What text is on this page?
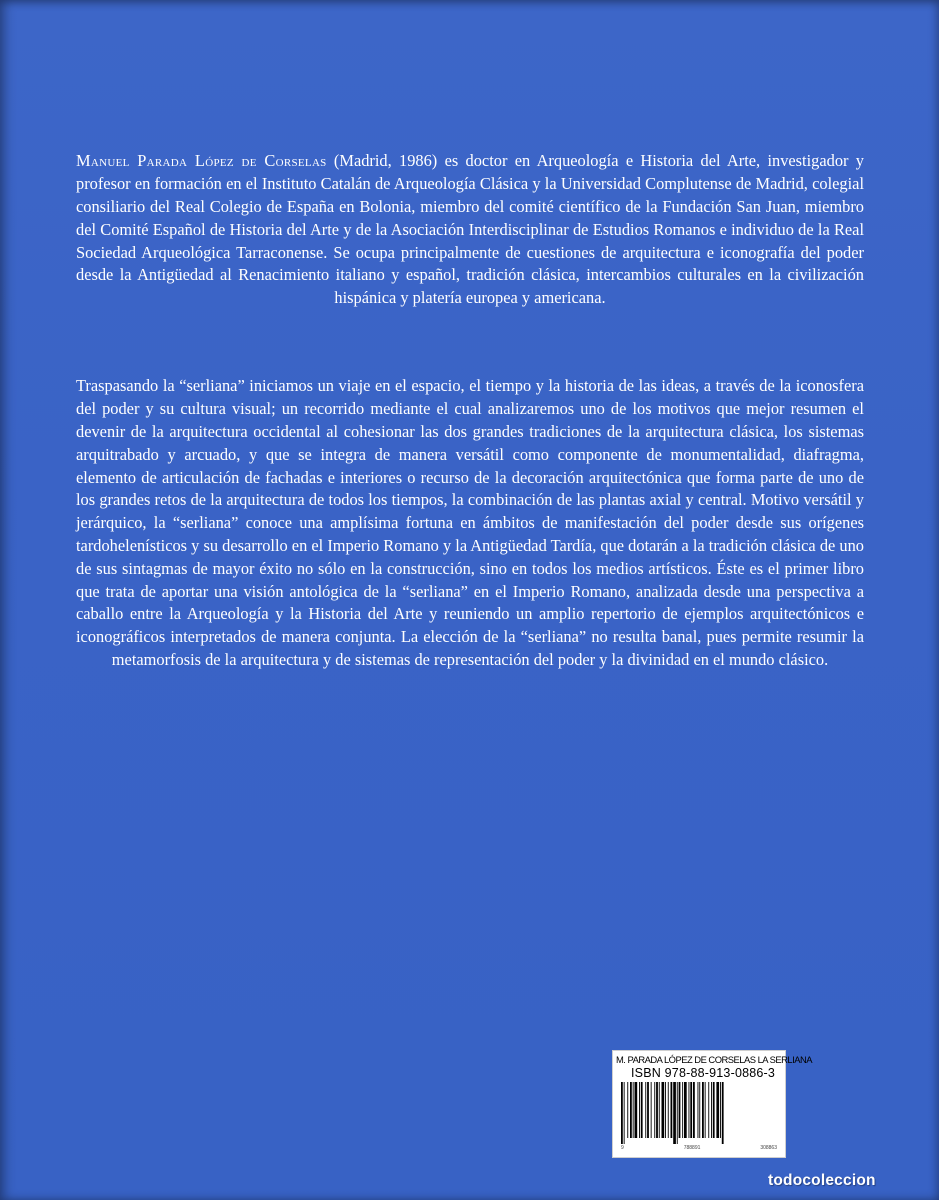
Manuel Parada López de Corselas (Madrid, 1986) es doctor en Arqueología e Historia del Arte, investigador y profesor en formación en el Instituto Catalán de Arqueología Clásica y la Universidad Complutense de Madrid, colegial consiliario del Real Colegio de España en Bolonia, miembro del comité científico de la Fundación San Juan, miembro del Comité Español de Historia del Arte y de la Asociación Interdisciplinar de Estudios Romanos e individuo de la Real Sociedad Arqueológica Tarraconense. Se ocupa principalmente de cuestiones de arquitectura e iconografía del poder desde la Antigüedad al Renacimiento italiano y español, tradición clásica, intercambios culturales en la civilización hispánica y platería europea y americana.

Traspasando la “serliana” iniciamos un viaje en el espacio, el tiempo y la historia de las ideas, a través de la iconosfera del poder y su cultura visual; un recorrido mediante el cual analizaremos uno de los motivos que mejor resumen el devenir de la arquitectura occidental al cohesionar las dos grandes tradiciones de la arquitectura clásica, los sistemas arquitrabado y arcuado, y que se integra de manera versátil como componente de monumentalidad, diafragma, elemento de articulación de fachadas e interiores o recurso de la decoración arquitectónica que forma parte de uno de los grandes retos de la arquitectura de todos los tiempos, la combinación de las plantas axial y central. Motivo versátil y jerárquico, la “serliana” conoce una amplísima fortuna en ámbitos de manifestación del poder desde sus orígenes tardohelenísticos y su desarrollo en el Imperio Romano y la Antigüedad Tardía, que dotarán a la tradición clásica de uno de sus sintagmas de mayor éxito no sólo en la construcción, sino en todos los medios artísticos. Éste es el primer libro que trata de aportar una visión antológica de la “serliana” en el Imperio Romano, analizada desde una perspectiva a caballo entre la Arqueología y la Historia del Arte y reuniendo un amplio repertorio de ejemplos arquitectónicos e iconográficos interpretados de manera conjunta. La elección de la “serliana” no resulta banal, pues permite resumir la metamorfosis de la arquitectura y de sistemas de representación del poder y la divinidad en el mundo clásico.

M. PARADA LÓPEZ DE CORSELAS LA SERLIANA
ISBN 978-88-913-0886-3
9	788891	308863
todocoleccion
